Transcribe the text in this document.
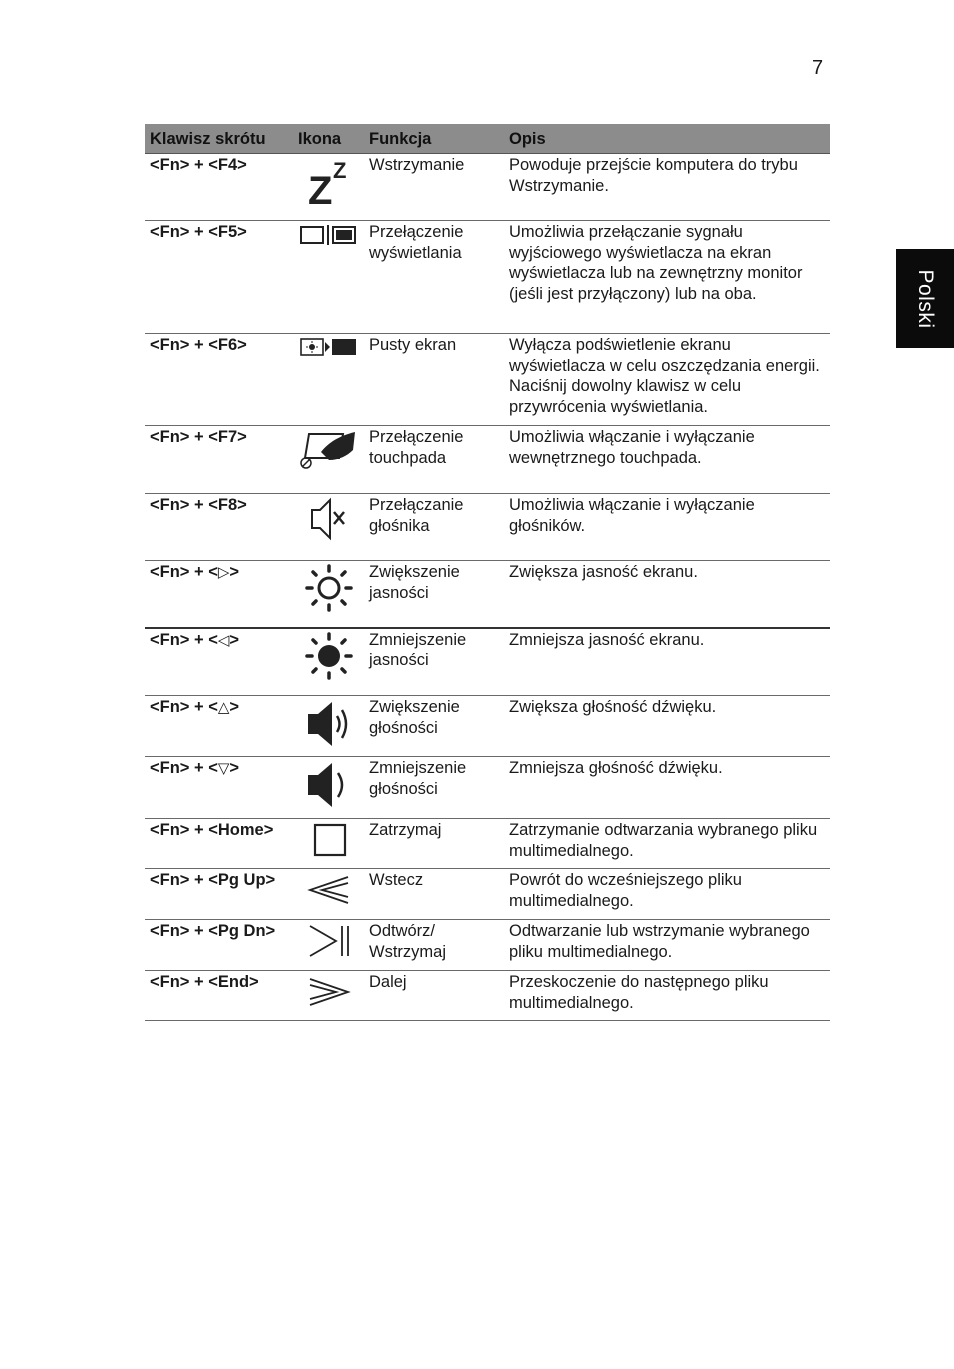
7
Polski
Klawisz skrótu	Ikona	Funkcja	Opis
<Fn> + <F4>	Z Z	Wstrzymanie	Powoduje przejście komputera do trybu Wstrzymanie.
<Fn> + <F5>		Przełączenie wyświetlania	Umożliwia przełączanie sygnału wyjściowego wyświetlacza na ekran wyświetlacza lub na zewnętrzny monitor (jeśli jest przyłączony) lub na oba.
<Fn> + <F6>		Pusty ekran	Wyłącza podświetlenie ekranu wyświetlacza w celu oszczędzania energii. Naciśnij dowolny klawisz w celu przywrócenia wyświetlania.
<Fn> + <F7>		Przełączenie touchpada	Umożliwia włączanie i wyłączanie wewnętrznego touchpada.
<Fn> + <F8>		Przełączanie głośnika	Umożliwia włączanie i wyłączanie głośników.
<Fn> + <▷>		Zwiększenie jasności	Zwiększa jasność ekranu.
<Fn> + <◁>		Zmniejszenie jasności	Zmniejsza jasność ekranu.
<Fn> + <△>		Zwiększenie głośności	Zwiększa głośność dźwięku.
<Fn> + <▽>		Zmniejszenie głośności	Zmniejsza głośność dźwięku.
<Fn> + <Home>		Zatrzymaj	Zatrzymanie odtwarzania wybranego pliku multimedialnego.
<Fn> + <Pg Up>		Wstecz	Powrót do wcześniejszego pliku multimedialnego.
<Fn> + <Pg Dn>		Odtwórz/ Wstrzymaj	Odtwarzanie lub wstrzymanie wybranego pliku multimedialnego.
<Fn> + <End>		Dalej	Przeskoczenie do następnego pliku multimedialnego.
